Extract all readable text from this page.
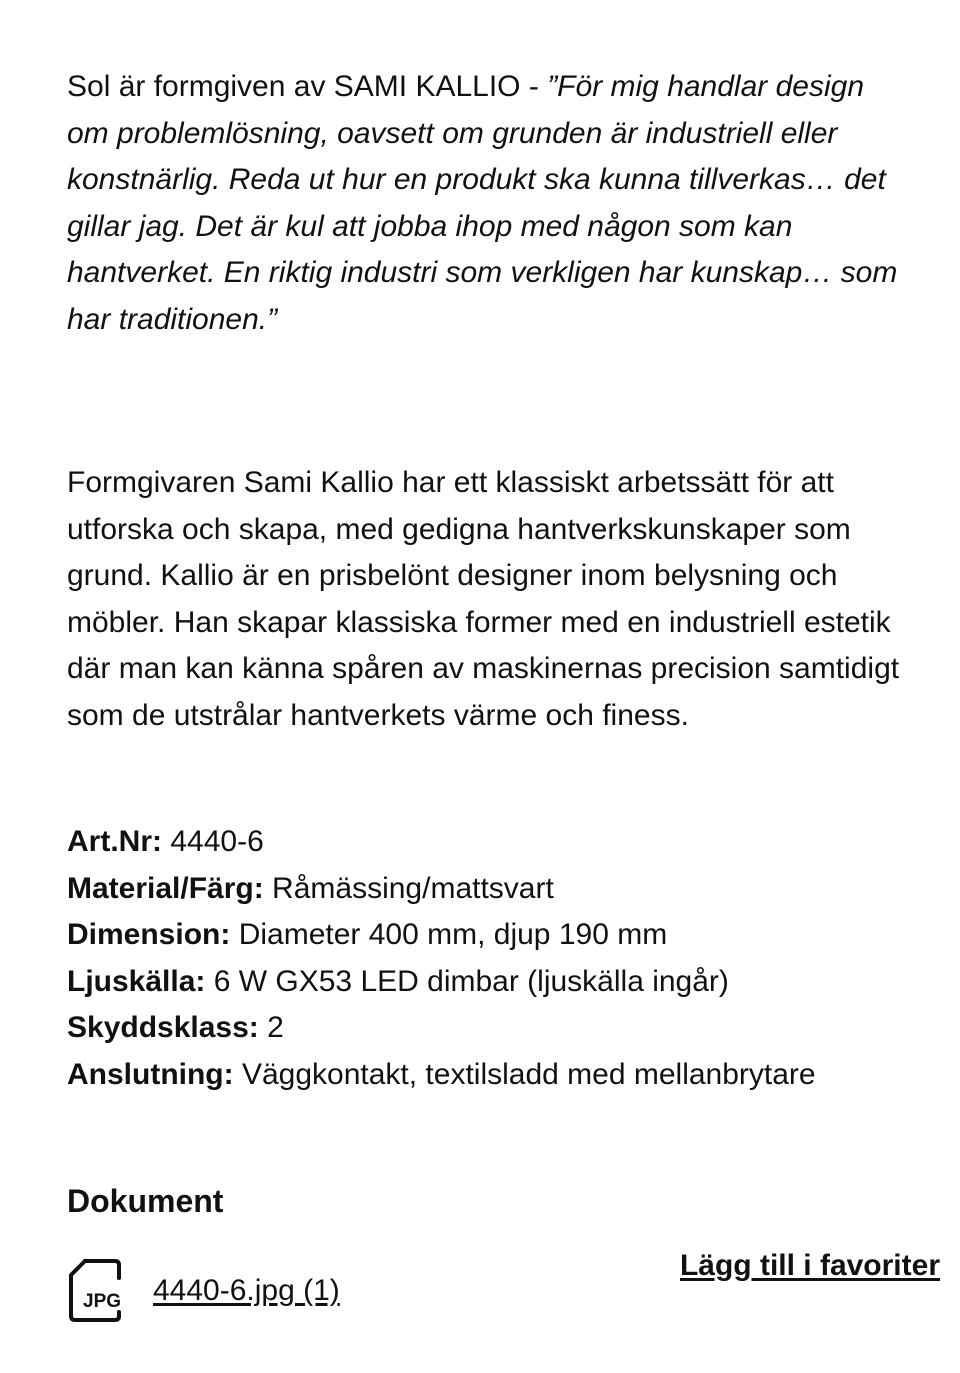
Sol är formgiven av SAMI KALLIO - ”För mig handlar design om problemlösning, oavsett om grunden är industriell eller konstnärlig. Reda ut hur en produkt ska kunna tillverkas… det gillar jag. Det är kul att jobba ihop med någon som kan hantverket. En riktig industri som verkligen har kunskap… som har traditionen.”

Formgivaren Sami Kallio har ett klassiskt arbetssätt för att utforska och skapa, med gedigna hantverkskunskaper som grund. Kallio är en prisbelönt designer inom belysning och möbler. Han skapar klassiska former med en industriell estetik där man kan känna spåren av maskinernas precision samtidigt som de utstrålar hantverkets värme och finess.

Art.Nr: 4440-6
Material/Färg: Råmässing/mattsvart
Dimension: Diameter 400 mm, djup 190 mm
Ljuskälla: 6 W GX53 LED dimbar (ljuskälla ingår)
Skyddsklass: 2
Anslutning: Väggkontakt, textilsladd med mellanbrytare
Dokument
Lägg till i favoriter
JPG 4440-6.jpg (1)
